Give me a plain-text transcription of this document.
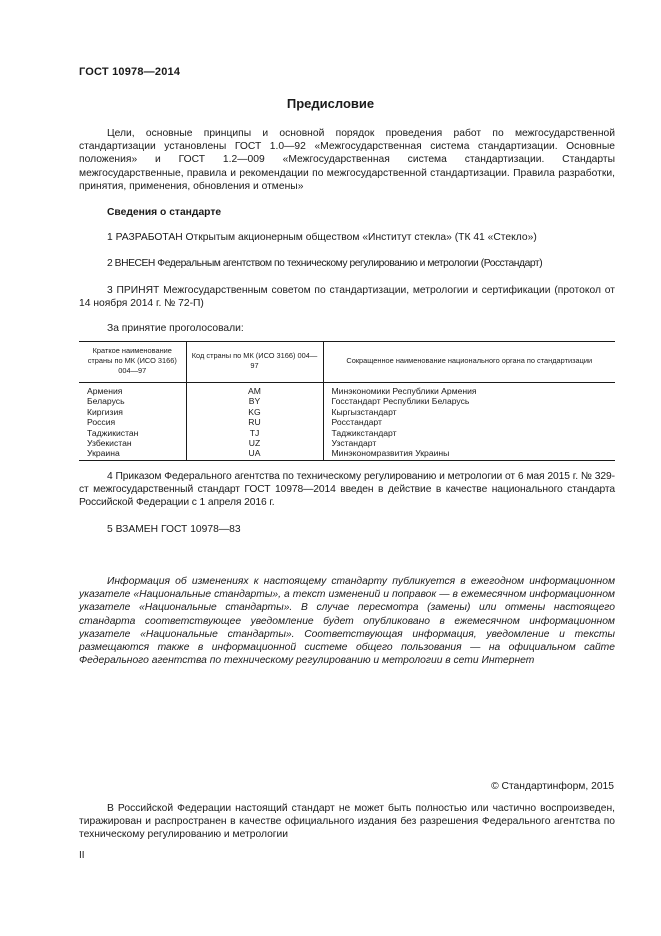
ГОСТ 10978—2014
Предисловие
Цели, основные принципы и основной порядок проведения работ по межгосударственной стандартизации установлены ГОСТ 1.0—92 «Межгосударственная система стандартизации. Основные положения» и ГОСТ 1.2—009 «Межгосударственная система стандартизации. Стандарты межгосударственные, правила и рекомендации по межгосударственной стандартизации. Правила разработки, принятия, применения, обновления и отмены»
Сведения о стандарте
1 РАЗРАБОТАН Открытым акционерным обществом «Институт стекла» (ТК 41 «Стекло»)
2 ВНЕСЕН Федеральным агентством по техническому регулированию и метрологии (Росстандарт)
3 ПРИНЯТ Межгосударственным советом по стандартизации, метрологии и сертификации (протокол от 14 ноября 2014 г. № 72-П)
За принятие проголосовали:
Краткое наименование страны по МК (ИСО 3166) 004—97	Код страны по МК (ИСО 3166) 004—97	Сокращенное наименование национального органа по стандартизации
Армения	AM	Минэкономики Республики Армения
Беларусь	BY	Госстандарт Республики Беларусь
Киргизия	KG	Кыргызстандарт
Россия	RU	Росстандарт
Таджикистан	TJ	Таджикстандарт
Узбекистан	UZ	Узстандарт
Украина	UA	Минэкономразвития Украины
4 Приказом Федерального агентства по техническому регулированию и метрологии от 6 мая 2015 г. № 329-ст межгосударственный стандарт ГОСТ 10978—2014 введен в действие в качестве национального стандарта Российской Федерации с 1 апреля 2016 г.
5 ВЗАМЕН ГОСТ 10978—83
Информация об изменениях к настоящему стандарту публикуется в ежегодном информационном указателе «Национальные стандарты», а текст изменений и поправок — в ежемесячном информационном указателе «Национальные стандарты». В случае пересмотра (замены) или отмены настоящего стандарта соответствующее уведомление будет опубликовано в ежемесячном информационном указателе «Национальные стандарты». Соответствующая информация, уведомление и тексты размещаются также в информационной системе общего пользования — на официальном сайте Федерального агентства по техническому регулированию и метрологии в сети Интернет
© Стандартинформ, 2015
В Российской Федерации настоящий стандарт не может быть полностью или частично воспроизведен, тиражирован и распространен в качестве официального издания без разрешения Федерального агентства по техническому регулированию и метрологии
II
